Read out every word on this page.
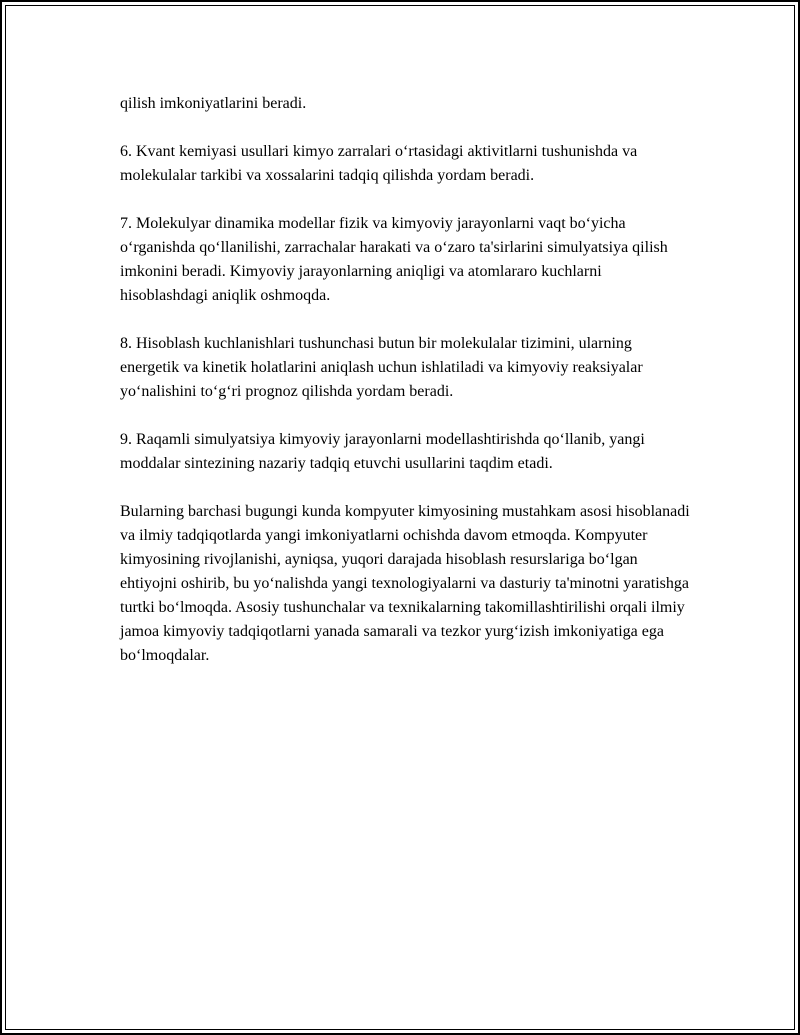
qilish imkoniyatlarini beradi.

6. Kvant kemiyasi usullari kimyo zarralari o‘rtasidagi aktivitlarni tushunishda va molekulalar tarkibi va xossalarini tadqiq qilishda yordam beradi.

7. Molekulyar dinamika modellar fizik va kimyoviy jarayonlarni vaqt bo‘yicha o‘rganishda qo‘llanilishi, zarrachalar harakati va o‘zaro ta'sirlarini simulyatsiya qilish imkonini beradi. Kimyoviy jarayonlarning aniqligi va atomlararo kuchlarni hisoblashdagi aniqlik oshmoqda.

8. Hisoblash kuchlanishlari tushunchasi butun bir molekulalar tizimini, ularning energetik va kinetik holatlarini aniqlash uchun ishlatiladi va kimyoviy reaksiyalar yo‘nalishini to‘g‘ri prognoz qilishda yordam beradi.

9. Raqamli simulyatsiya kimyoviy jarayonlarni modellashtirishda qo‘llanib, yangi moddalar sintezining nazariy tadqiq etuvchi usullarini taqdim etadi.

Bularning barchasi bugungi kunda kompyuter kimyosining mustahkam asosi hisoblanadi va ilmiy tadqiqotlarda yangi imkoniyatlarni ochishda davom etmoqda. Kompyuter kimyosining rivojlanishi, ayniqsa, yuqori darajada hisoblash resurslariga bo‘lgan ehtiyojni oshirib, bu yo‘nalishda yangi texnologiyalarni va dasturiy ta'minotni yaratishga turtki bo‘lmoqda. Asosiy tushunchalar va texnikalarning takomillashtirilishi orqali ilmiy jamoa kimyoviy tadqiqotlarni yanada samarali va tezkor yurg‘izish imkoniyatiga ega bo‘lmoqdalar.
